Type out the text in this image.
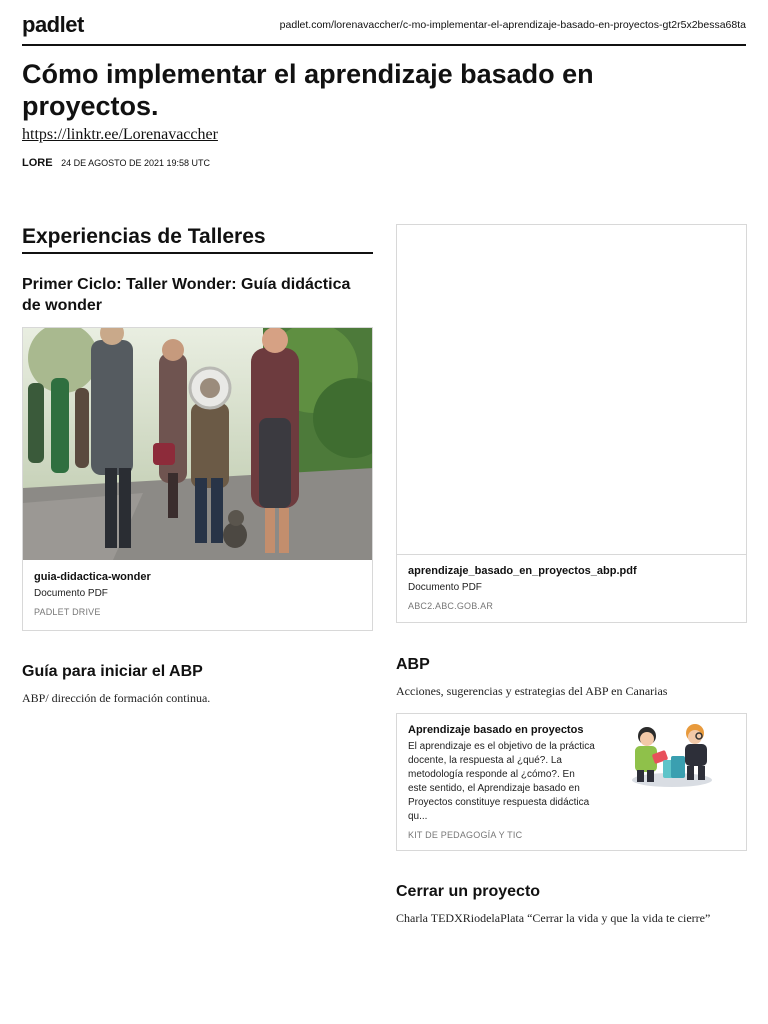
padlet	padlet.com/lorenavaccher/c-mo-implementar-el-aprendizaje-basado-en-proyectos-gt2r5x2bessa68ta
Cómo implementar el aprendizaje basado en proyectos.
https://linktr.ee/Lorenavaccher
LORE 24 DE AGOSTO DE 2021 19:58 UTC
Experiencias de Talleres
Primer Ciclo: Taller Wonder: Guía didáctica de wonder
guia-didactica-wonder
Documento PDF
PADLET DRIVE
Guía para iniciar el ABP
ABP/ dirección de formación continua.
aprendizaje_basado_en_proyectos_abp.pdf
Documento PDF
ABC2.ABC.GOB.AR
ABP
Acciones, sugerencias y estrategias del ABP en Canarias
Aprendizaje basado en proyectos
El aprendizaje es el objetivo de la práctica docente, la respuesta al ¿qué?. La metodología responde al ¿cómo?. En este sentido, el Aprendizaje basado en Proyectos constituye respuesta didáctica qu...
KIT DE PEDAGOGÍA Y TIC
Cerrar un proyecto
Charla TEDXRiodelaPlata “Cerrar la vida y que la vida te cierre”
